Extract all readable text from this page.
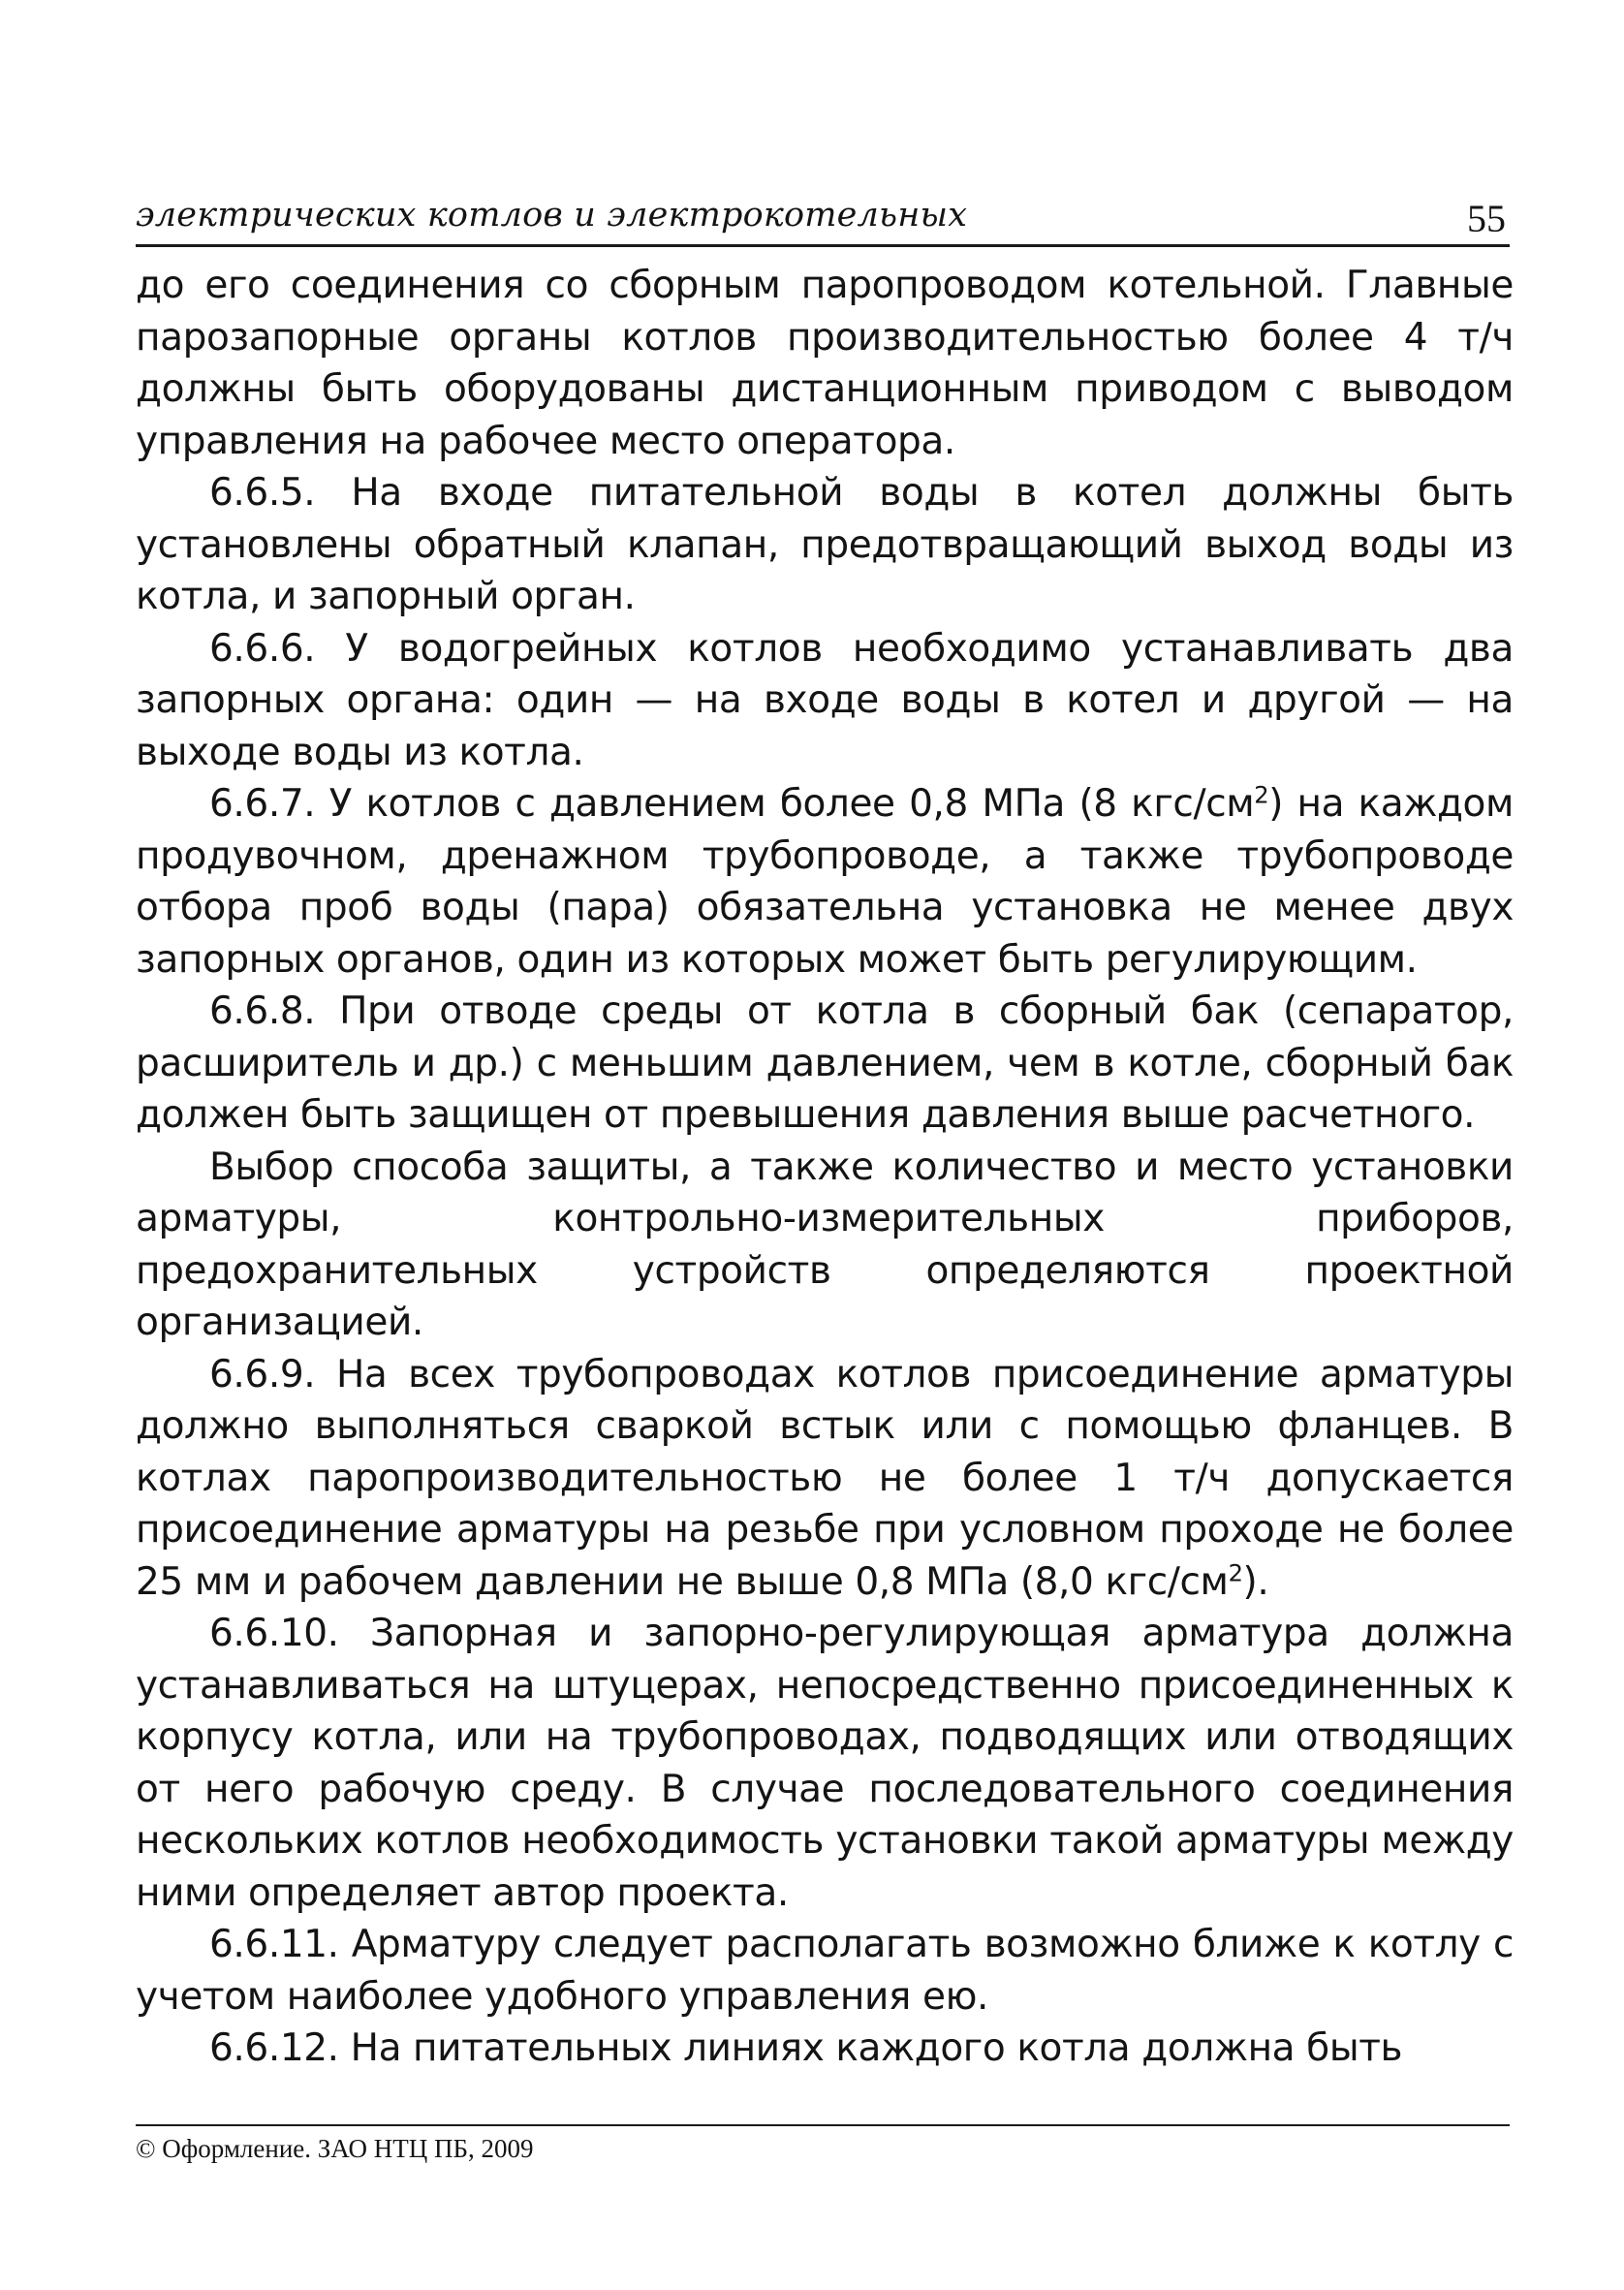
электрических котлов и электрокотельных	55

до его соединения со сборным паропроводом котельной. Главные парозапорные органы котлов производительностью более 4 т/ч должны быть оборудованы дистанционным приводом с выводом управления на рабочее место оператора.

6.6.5. На входе питательной воды в котел должны быть установлены обратный клапан, предотвращающий выход воды из котла, и запорный орган.

6.6.6. У водогрейных котлов необходимо устанавливать два запорных органа: один — на входе воды в котел и другой — на выходе воды из котла.

6.6.7. У котлов с давлением более 0,8 МПа (8 кгс/$см^2$) на каждом продувочном, дренажном трубопроводе, а также трубопроводе отбора проб воды (пара) обязательна установка не менее двух запорных органов, один из которых может быть регулирующим.

6.6.8. При отводе среды от котла в сборный бак (сепаратор, расширитель и др.) с меньшим давлением, чем в котле, сборный бак должен быть защищен от превышения давления выше расчетного.

Выбор способа защиты, а также количество и место установки арматуры, контрольно-измерительных приборов, предохранительных устройств определяются проектной организацией.

6.6.9. На всех трубопроводах котлов присоединение арматуры должно выполняться сваркой встык или с помощью фланцев. В котлах паропроизводительностью не более 1 т/ч допускается присоединение арматуры на резьбе при условном проходе не более 25 мм и рабочем давлении не выше 0,8 МПа (8,0 кгс/$см^2$).

6.6.10. Запорная и запорно-регулирующая арматура должна устанавливаться на штуцерах, непосредственно присоединенных к корпусу котла, или на трубопроводах, подводящих или отводящих от него рабочую среду. В случае последовательного соединения нескольких котлов необходимость установки такой арматуры между ними определяет автор проекта.

6.6.11. Арматуру следует располагать возможно ближе к котлу с учетом наиболее удобного управления ею.

6.6.12. На питательных линиях каждого котла должна быть

© Оформление. ЗАО НТЦ ПБ, 2009
